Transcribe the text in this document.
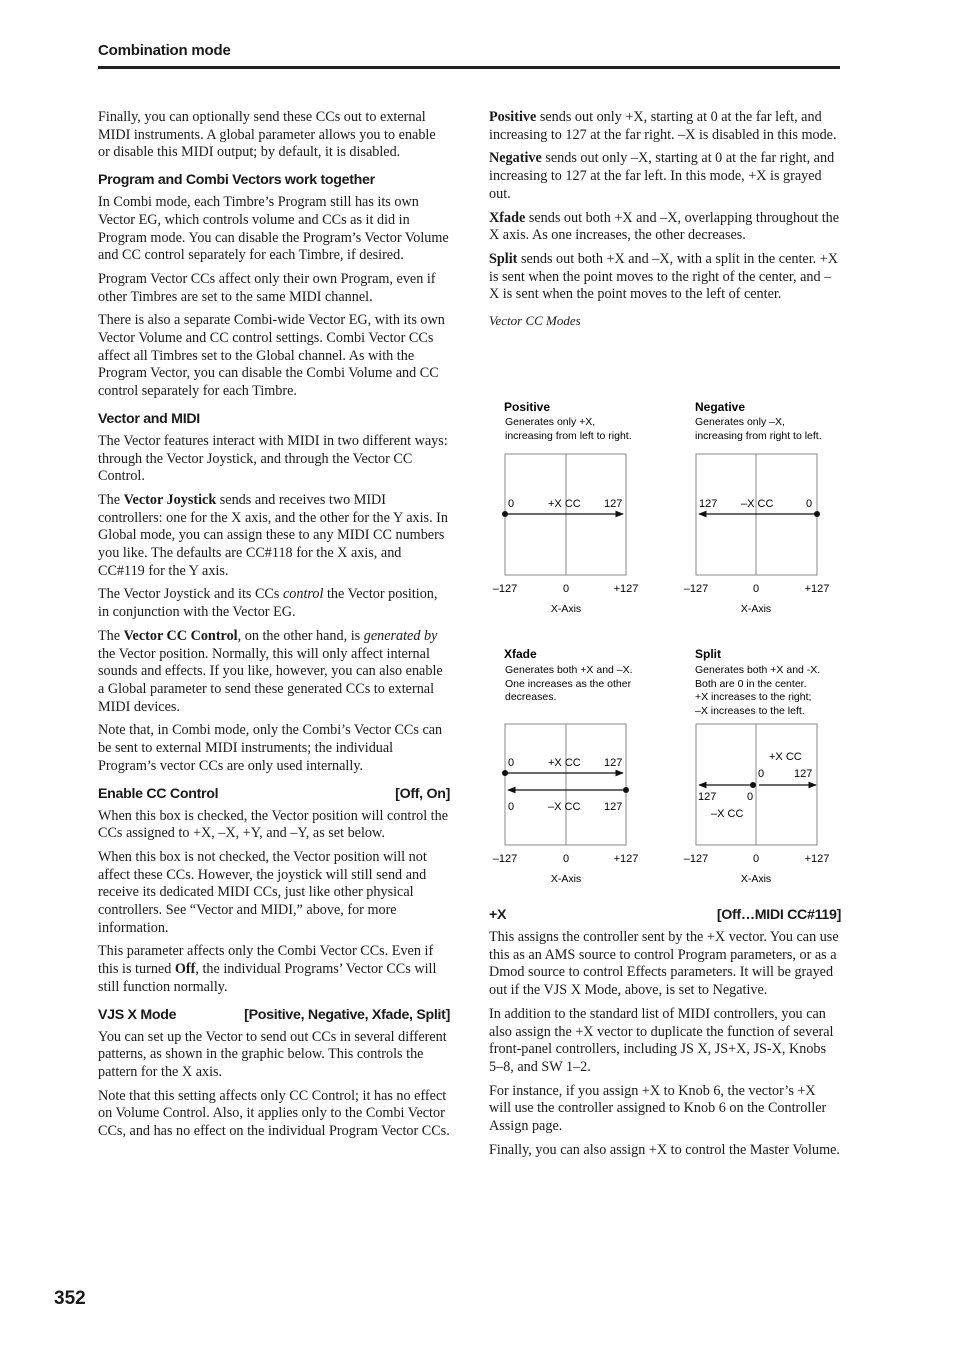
Combination mode

Finally, you can optionally send these CCs out to external MIDI instruments. A global parameter allows you to enable or disable this MIDI output; by default, it is disabled.

Program and Combi Vectors work together

In Combi mode, each Timbre’s Program still has its own Vector EG, which controls volume and CCs as it did in Program mode. You can disable the Program’s Vector Volume and CC control separately for each Timbre, if desired.

Program Vector CCs affect only their own Program, even if other Timbres are set to the same MIDI channel.

There is also a separate Combi-wide Vector EG, with its own Vector Volume and CC control settings. Combi Vector CCs affect all Timbres set to the Global channel. As with the Program Vector, you can disable the Combi Volume and CC control separately for each Timbre.

Vector and MIDI

The Vector features interact with MIDI in two different ways: through the Vector Joystick, and through the Vector CC Control.

The Vector Joystick sends and receives two MIDI controllers: one for the X axis, and the other for the Y axis. In Global mode, you can assign these to any MIDI CC numbers you like. The defaults are CC#118 for the X axis, and CC#119 for the Y axis.

The Vector Joystick and its CCs control the Vector position, in conjunction with the Vector EG.

The Vector CC Control, on the other hand, is generated by the Vector position. Normally, this will only affect internal sounds and effects. If you like, however, you can also enable a Global parameter to send these generated CCs to external MIDI devices.

Note that, in Combi mode, only the Combi’s Vector CCs can be sent to external MIDI instruments; the individual Program’s vector CCs are only used internally.

Enable CC Control	[Off, On]

When this box is checked, the Vector position will control the CCs assigned to +X, –X, +Y, and –Y, as set below.

When this box is not checked, the Vector position will not affect these CCs. However, the joystick will still send and receive its dedicated MIDI CCs, just like other physical controllers. See “Vector and MIDI,” above, for more information.

This parameter affects only the Combi Vector CCs. Even if this is turned Off, the individual Programs’ Vector CCs will still function normally.

VJS X Mode	[Positive, Negative, Xfade, Split]

You can set up the Vector to send out CCs in several different patterns, as shown in the graphic below. This controls the pattern for the X axis.

Note that this setting affects only CC Control; it has no effect on Volume Control. Also, it applies only to the Combi Vector CCs, and has no effect on the individual Program Vector CCs.

Positive sends out only +X, starting at 0 at the far left, and increasing to 127 at the far right. –X is disabled in this mode.

Negative sends out only –X, starting at 0 at the far right, and increasing to 127 at the far left. In this mode, +X is grayed out.

Xfade sends out both +X and –X, overlapping throughout the X axis. As one increases, the other decreases.

Split sends out both +X and –X, with a split in the center. +X is sent when the point moves to the right of the center, and –X is sent when the point moves to the left of center.

Vector CC Modes

Positive
Generates only +X,
increasing from left to right.
0	+X CC 127
–127	0	+127
X-Axis
Negative
Generates only –X,
increasing from right to left.
127 –X CC	0
–127	0	+127
X-Axis
Xfade
Generates both +X and –X.
One increases as the other
decreases.
0	+X CC 127
0	–X CC 127
–127	0	+127
X-Axis
Split
Generates both +X and -X.
Both are 0 in the center.
+X increases to the right;
–X increases to the left.
+X CC
0	127
127	0
–X CC
–127	0	+127
X-Axis
+X	[Off…MIDI CC#119]

This assigns the controller sent by the +X vector. You can use this as an AMS source to control Program parameters, or as a Dmod source to control Effects parameters. It will be grayed out if the VJS X Mode, above, is set to Negative.

In addition to the standard list of MIDI controllers, you can also assign the +X vector to duplicate the function of several front-panel controllers, including JS X, JS+X, JS-X, Knobs 5–8, and SW 1–2.

For instance, if you assign +X to Knob 6, the vector’s +X will use the controller assigned to Knob 6 on the Controller Assign page.

Finally, you can also assign +X to control the Master Volume.

352
